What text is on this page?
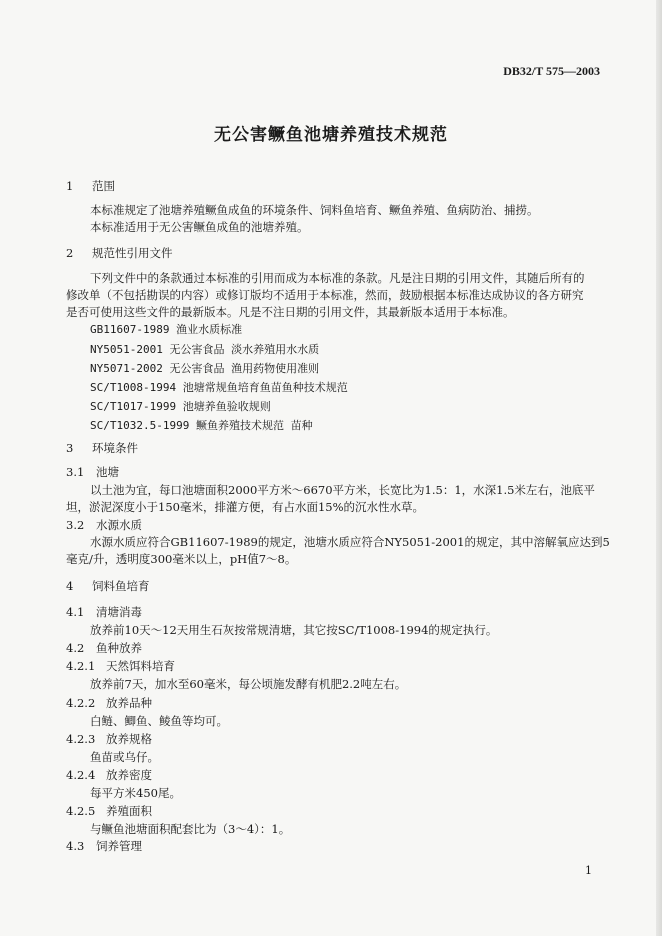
DB32/T 575—2003
无公害鳜鱼池塘养殖技术规范
1 范围
本标准规定了池塘养殖鳜鱼成鱼的环境条件、饲料鱼培育、鳜鱼养殖、鱼病防治、捕捞。
本标准适用于无公害鳜鱼成鱼的池塘养殖。
2 规范性引用文件
下列文件中的条款通过本标准的引用而成为本标准的条款。凡是注日期的引用文件，其随后所有的
修改单（不包括勘误的内容）或修订版均不适用于本标准，然而，鼓励根据本标准达成协议的各方研究
是否可使用这些文件的最新版本。凡是不注日期的引用文件，其最新版本适用于本标准。
GB11607-1989 渔业水质标准
NY5051-2001 无公害食品 淡水养殖用水水质
NY5071-2002 无公害食品 渔用药物使用准则
SC/T1008-1994 池塘常规鱼培育鱼苗鱼种技术规范
SC/T1017-1999 池塘养鱼验收规则
SC/T1032.5-1999 鳜鱼养殖技术规范 苗种
3 环境条件
3.1 池塘
以土池为宜，每口池塘面积2000平方米～6670平方米，长宽比为1.5：1，水深1.5米左右，池底平
坦，淤泥深度小于150毫米，排灌方便，有占水面15%的沉水性水草。
3.2 水源水质
水源水质应符合GB11607-1989的规定，池塘水质应符合NY5051-2001的规定，其中溶解氧应达到5
毫克/升，透明度300毫米以上，pH值7～8。
4 饲料鱼培育
4.1 清塘消毒
放养前10天～12天用生石灰按常规清塘，其它按SC/T1008-1994的规定执行。
4.2 鱼种放养
4.2.1 天然饵料培育
放养前7天，加水至60毫米，每公顷施发酵有机肥2.2吨左右。
4.2.2 放养品种
白鲢、鲫鱼、鲮鱼等均可。
4.2.3 放养规格
鱼苗或乌仔。
4.2.4 放养密度
每平方米450尾。
4.2.5 养殖面积
与鳜鱼池塘面积配套比为（3～4）：1。
4.3 饲养管理
1
